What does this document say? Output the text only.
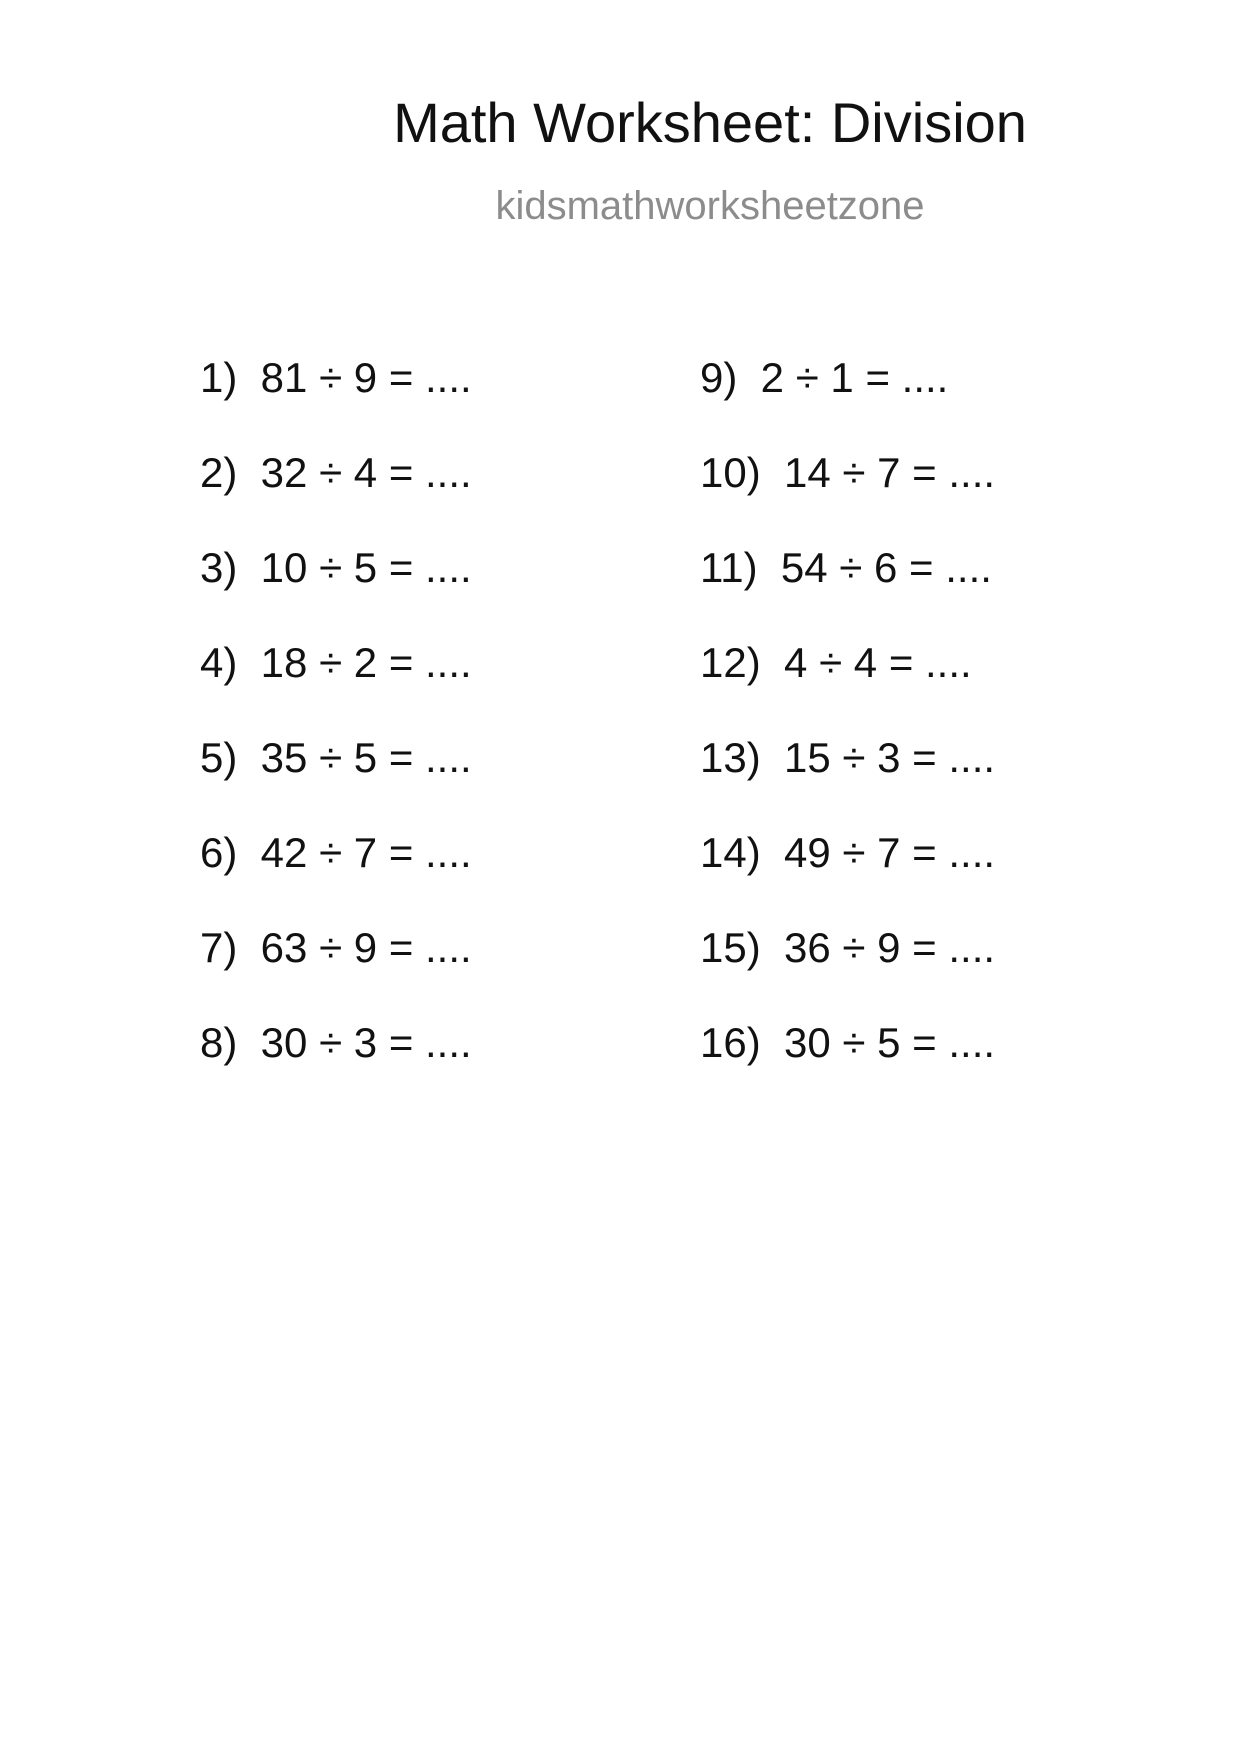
Math Worksheet: Division
kidsmathworksheetzone
1)  81 ÷ 9 = ....
2)  32 ÷ 4 = ....
3)  10 ÷ 5 = ....
4)  18 ÷ 2 = ....
5)  35 ÷ 5 = ....
6)  42 ÷ 7 = ....
7)  63 ÷ 9 = ....
8)  30 ÷ 3 = ....
9)  2 ÷ 1 = ....
10)  14 ÷ 7 = ....
11)  54 ÷ 6 = ....
12)  4 ÷ 4 = ....
13)  15 ÷ 3 = ....
14)  49 ÷ 7 = ....
15)  36 ÷ 9 = ....
16)  30 ÷ 5 = ....
